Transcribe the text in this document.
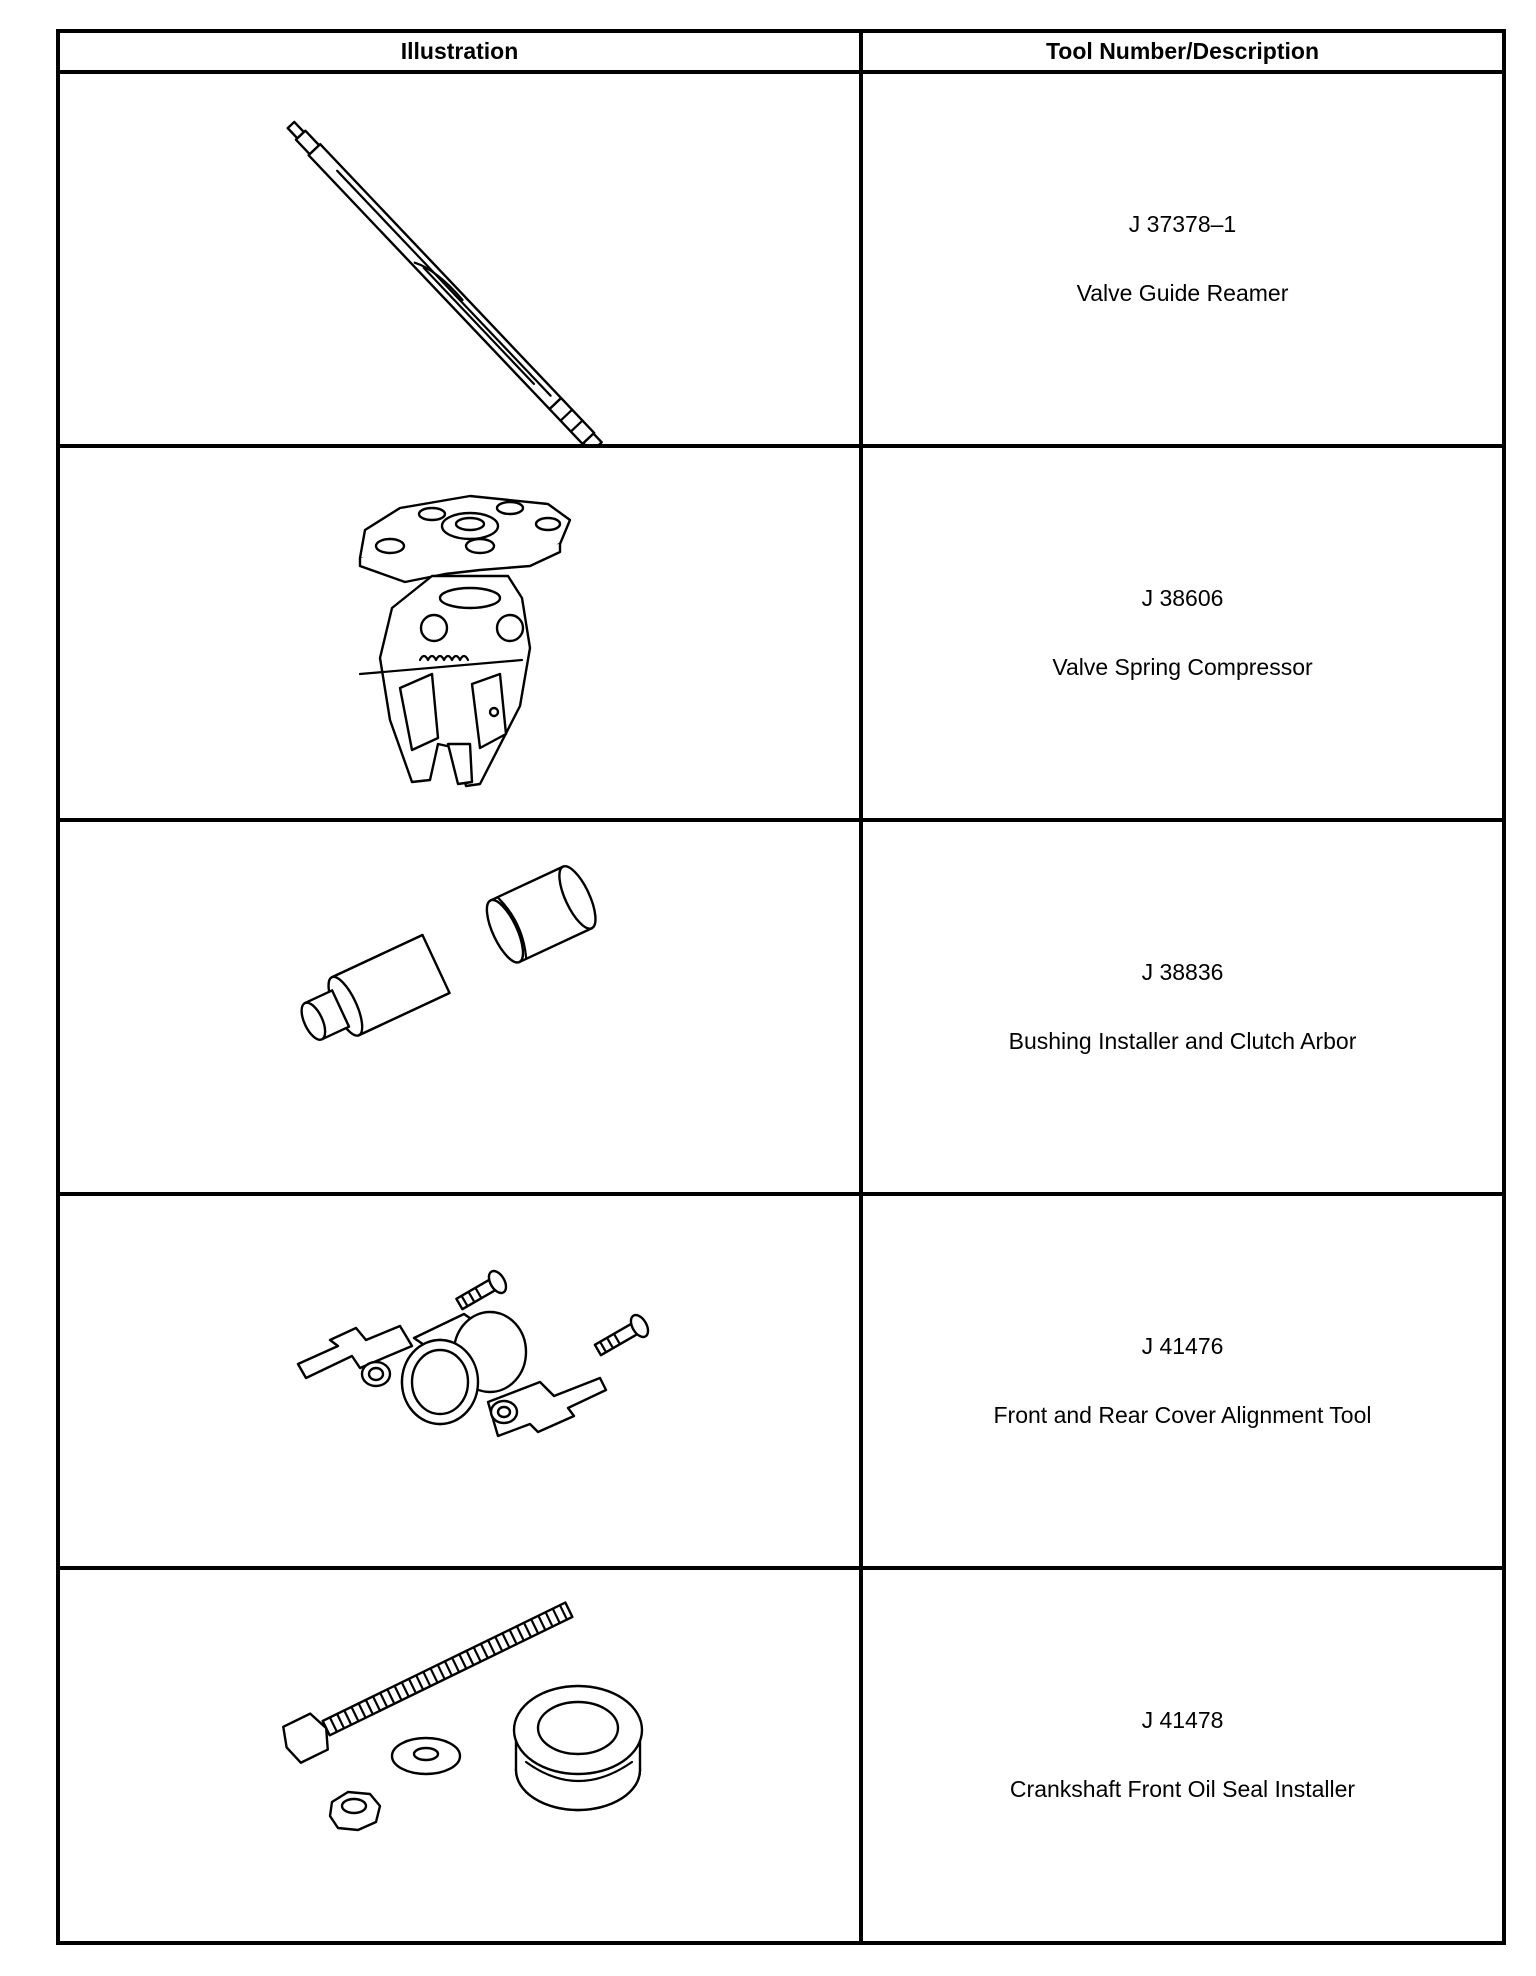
Illustration	Tool Number/Description
J 37378–1
Valve Guide Reamer
J 38606
Valve Spring Compressor
J 38836
Bushing Installer and Clutch Arbor
J 41476
Front and Rear Cover Alignment Tool
J 41478
Crankshaft Front Oil Seal Installer
